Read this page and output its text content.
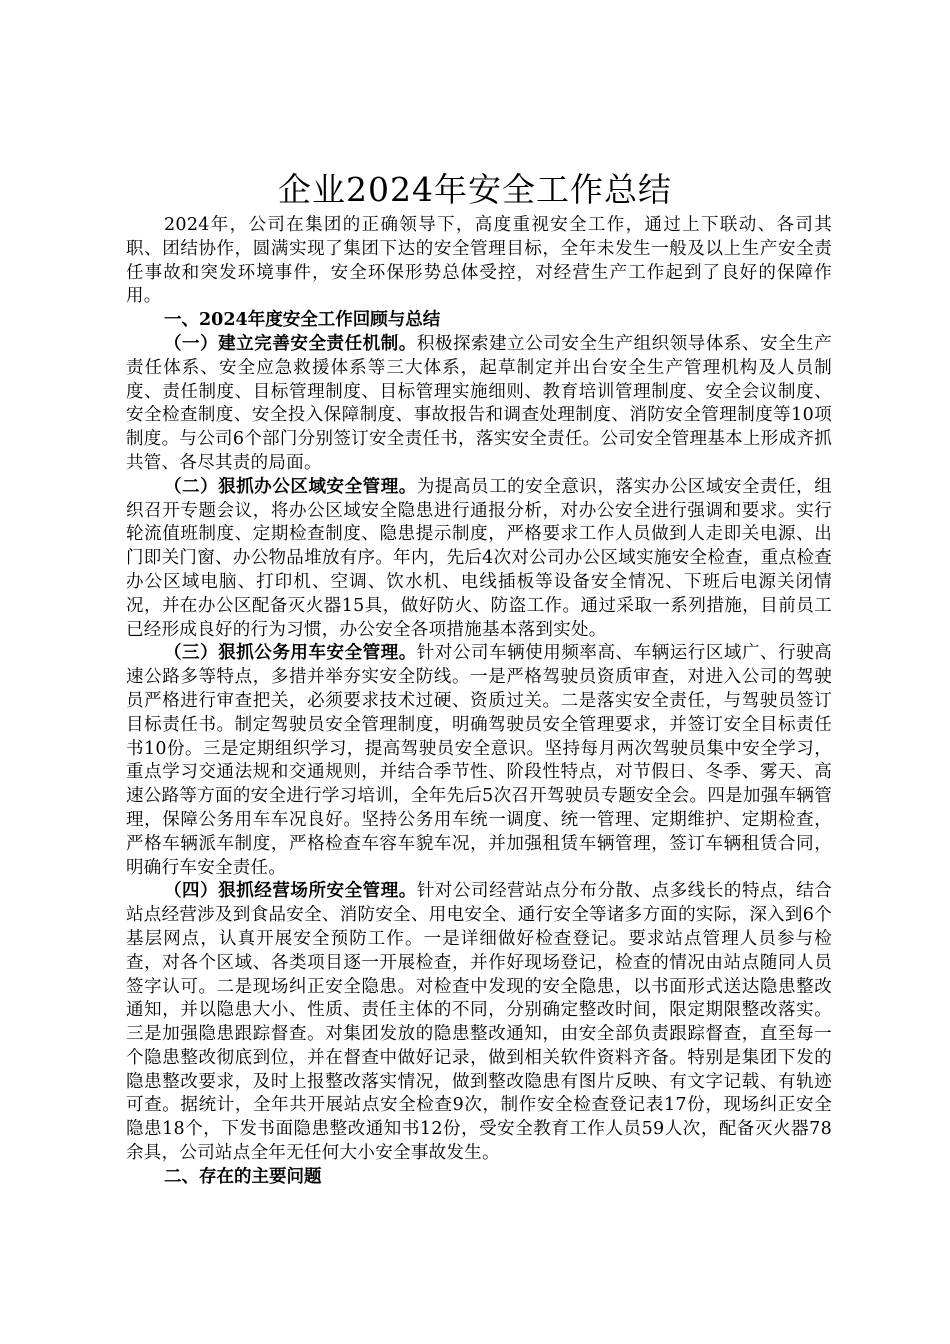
企业2024年安全工作总结

2024年，公司在集团的正确领导下，高度重视安全工作，通过上下联动、各司其职、团结协作，圆满实现了集团下达的安全管理目标，全年未发生一般及以上生产安全责任事故和突发环境事件，安全环保形势总体受控，对经营生产工作起到了良好的保障作用。

一、2024年度安全工作回顾与总结

（一）建立完善安全责任机制。积极探索建立公司安全生产组织领导体系、安全生产责任体系、安全应急救援体系等三大体系，起草制定并出台安全生产管理机构及人员制度、责任制度、目标管理制度、目标管理实施细则、教育培训管理制度、安全会议制度、安全检查制度、安全投入保障制度、事故报告和调查处理制度、消防安全管理制度等10项制度。与公司6个部门分别签订安全责任书，落实安全责任。公司安全管理基本上形成齐抓共管、各尽其责的局面。

（二）狠抓办公区域安全管理。为提高员工的安全意识，落实办公区域安全责任，组织召开专题会议，将办公区域安全隐患进行通报分析，对办公安全进行强调和要求。实行轮流值班制度、定期检查制度、隐患提示制度，严格要求工作人员做到人走即关电源、出门即关门窗、办公物品堆放有序。年内，先后4次对公司办公区域实施安全检查，重点检查办公区域电脑、打印机、空调、饮水机、电线插板等设备安全情况、下班后电源关闭情况，并在办公区配备灭火器15具，做好防火、防盗工作。通过采取一系列措施，目前员工已经形成良好的行为习惯，办公安全各项措施基本落到实处。

（三）狠抓公务用车安全管理。针对公司车辆使用频率高、车辆运行区域广、行驶高速公路多等特点，多措并举夯实安全防线。一是严格驾驶员资质审查，对进入公司的驾驶员严格进行审查把关，必须要求技术过硬、资质过关。二是落实安全责任，与驾驶员签订目标责任书。制定驾驶员安全管理制度，明确驾驶员安全管理要求，并签订安全目标责任书10份。三是定期组织学习，提高驾驶员安全意识。坚持每月两次驾驶员集中安全学习，重点学习交通法规和交通规则，并结合季节性、阶段性特点，对节假日、冬季、雾天、高速公路等方面的安全进行学习培训，全年先后5次召开驾驶员专题安全会。四是加强车辆管理，保障公务用车车况良好。坚持公务用车统一调度、统一管理、定期维护、定期检查，严格车辆派车制度，严格检查车容车貌车况，并加强租赁车辆管理，签订车辆租赁合同，明确行车安全责任。

（四）狠抓经营场所安全管理。针对公司经营站点分布分散、点多线长的特点，结合站点经营涉及到食品安全、消防安全、用电安全、通行安全等诸多方面的实际，深入到6个基层网点，认真开展安全预防工作。一是详细做好检查登记。要求站点管理人员参与检查，对各个区域、各类项目逐一开展检查，并作好现场登记，检查的情况由站点随同人员签字认可。二是现场纠正安全隐患。对检查中发现的安全隐患，以书面形式送达隐患整改通知，并以隐患大小、性质、责任主体的不同，分别确定整改时间，限定期限整改落实。三是加强隐患跟踪督查。对集团发放的隐患整改通知，由安全部负责跟踪督查，直至每一个隐患整改彻底到位，并在督查中做好记录，做到相关软件资料齐备。特别是集团下发的隐患整改要求，及时上报整改落实情况，做到整改隐患有图片反映、有文字记载、有轨迹可查。据统计，全年共开展站点安全检查9次，制作安全检查登记表17份，现场纠正安全隐患18个，下发书面隐患整改通知书12份，受安全教育工作人员59人次，配备灭火器78余具，公司站点全年无任何大小安全事故发生。

二、存在的主要问题
